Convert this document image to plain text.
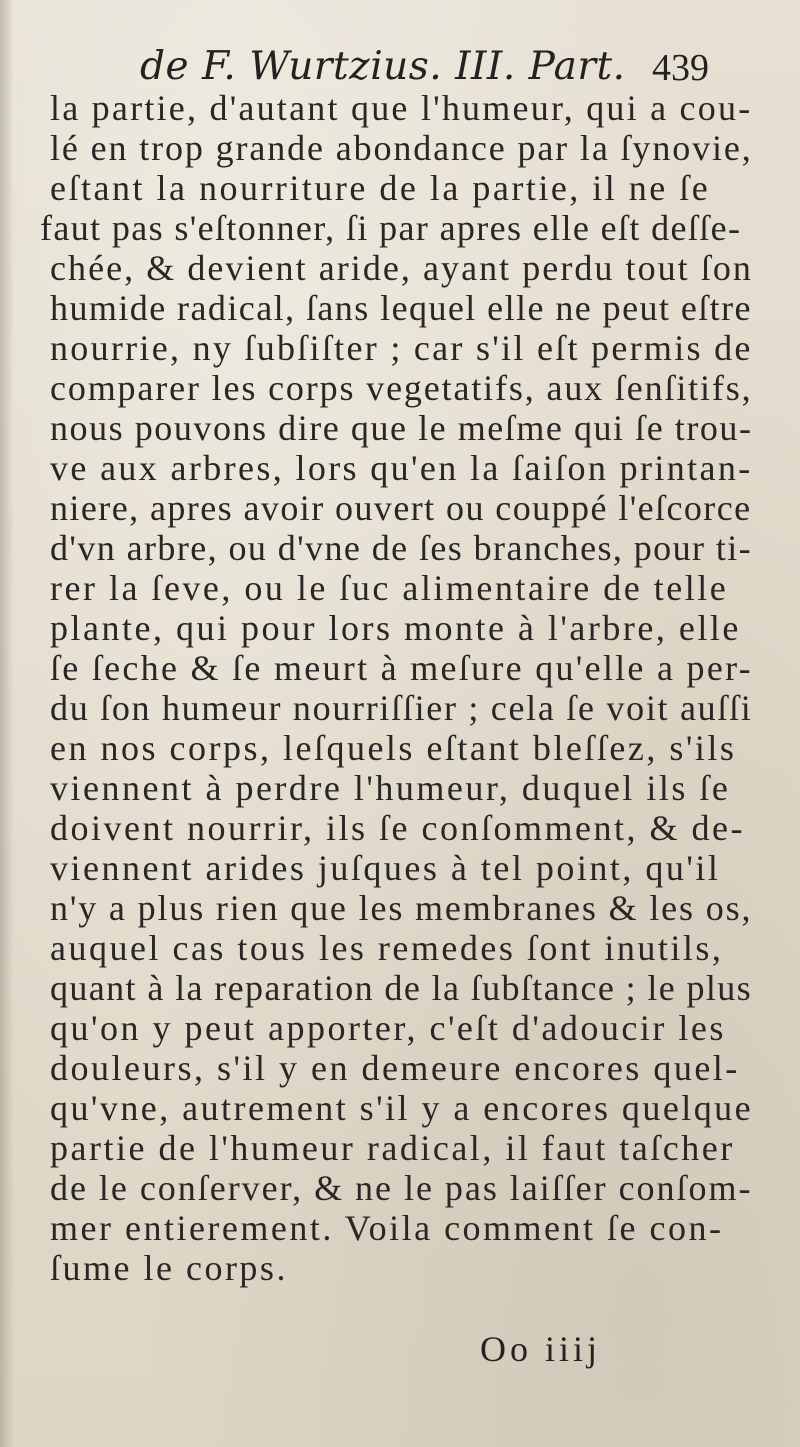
de F. Wurtzius. III. Part. 439
la partie, d'autant que l'humeur, qui a cou-
lé en trop grande abondance par la ſynovie,
eſtant la nourriture de la partie, il ne ſe
faut pas s'eſtonner, ſi par apres elle eſt deſſe-
chée, & devient aride, ayant perdu tout ſon
humide radical, ſans lequel elle ne peut eſtre
nourrie, ny ſubſiſter ; car s'il eſt permis de
comparer les corps vegetatifs, aux ſenſitifs,
nous pouvons dire que le meſme qui ſe trou-
ve aux arbres, lors qu'en la ſaiſon printan-
niere, apres avoir ouvert ou couppé l'eſcorce
d'vn arbre, ou d'vne de ſes branches, pour ti-
rer la ſeve, ou le ſuc alimentaire de telle
plante, qui pour lors monte à l'arbre, elle
ſe ſeche & ſe meurt à meſure qu'elle a per-
du ſon humeur nourriſſier ; cela ſe voit auſſi
en nos corps, leſquels eſtant bleſſez, s'ils
viennent à perdre l'humeur, duquel ils ſe
doivent nourrir, ils ſe conſomment, & de-
viennent arides juſques à tel point, qu'il
n'y a plus rien que les membranes & les os,
auquel cas tous les remedes ſont inutils,
quant à la reparation de la ſubſtance ; le plus
qu'on y peut apporter, c'eſt d'adoucir les
douleurs, s'il y en demeure encores quel-
qu'vne, autrement s'il y a encores quelque
partie de l'humeur radical, il faut taſcher
de le conſerver, & ne le pas laiſſer conſom-
mer entierement. Voila comment ſe con-
ſume le corps.
Oo iiij
